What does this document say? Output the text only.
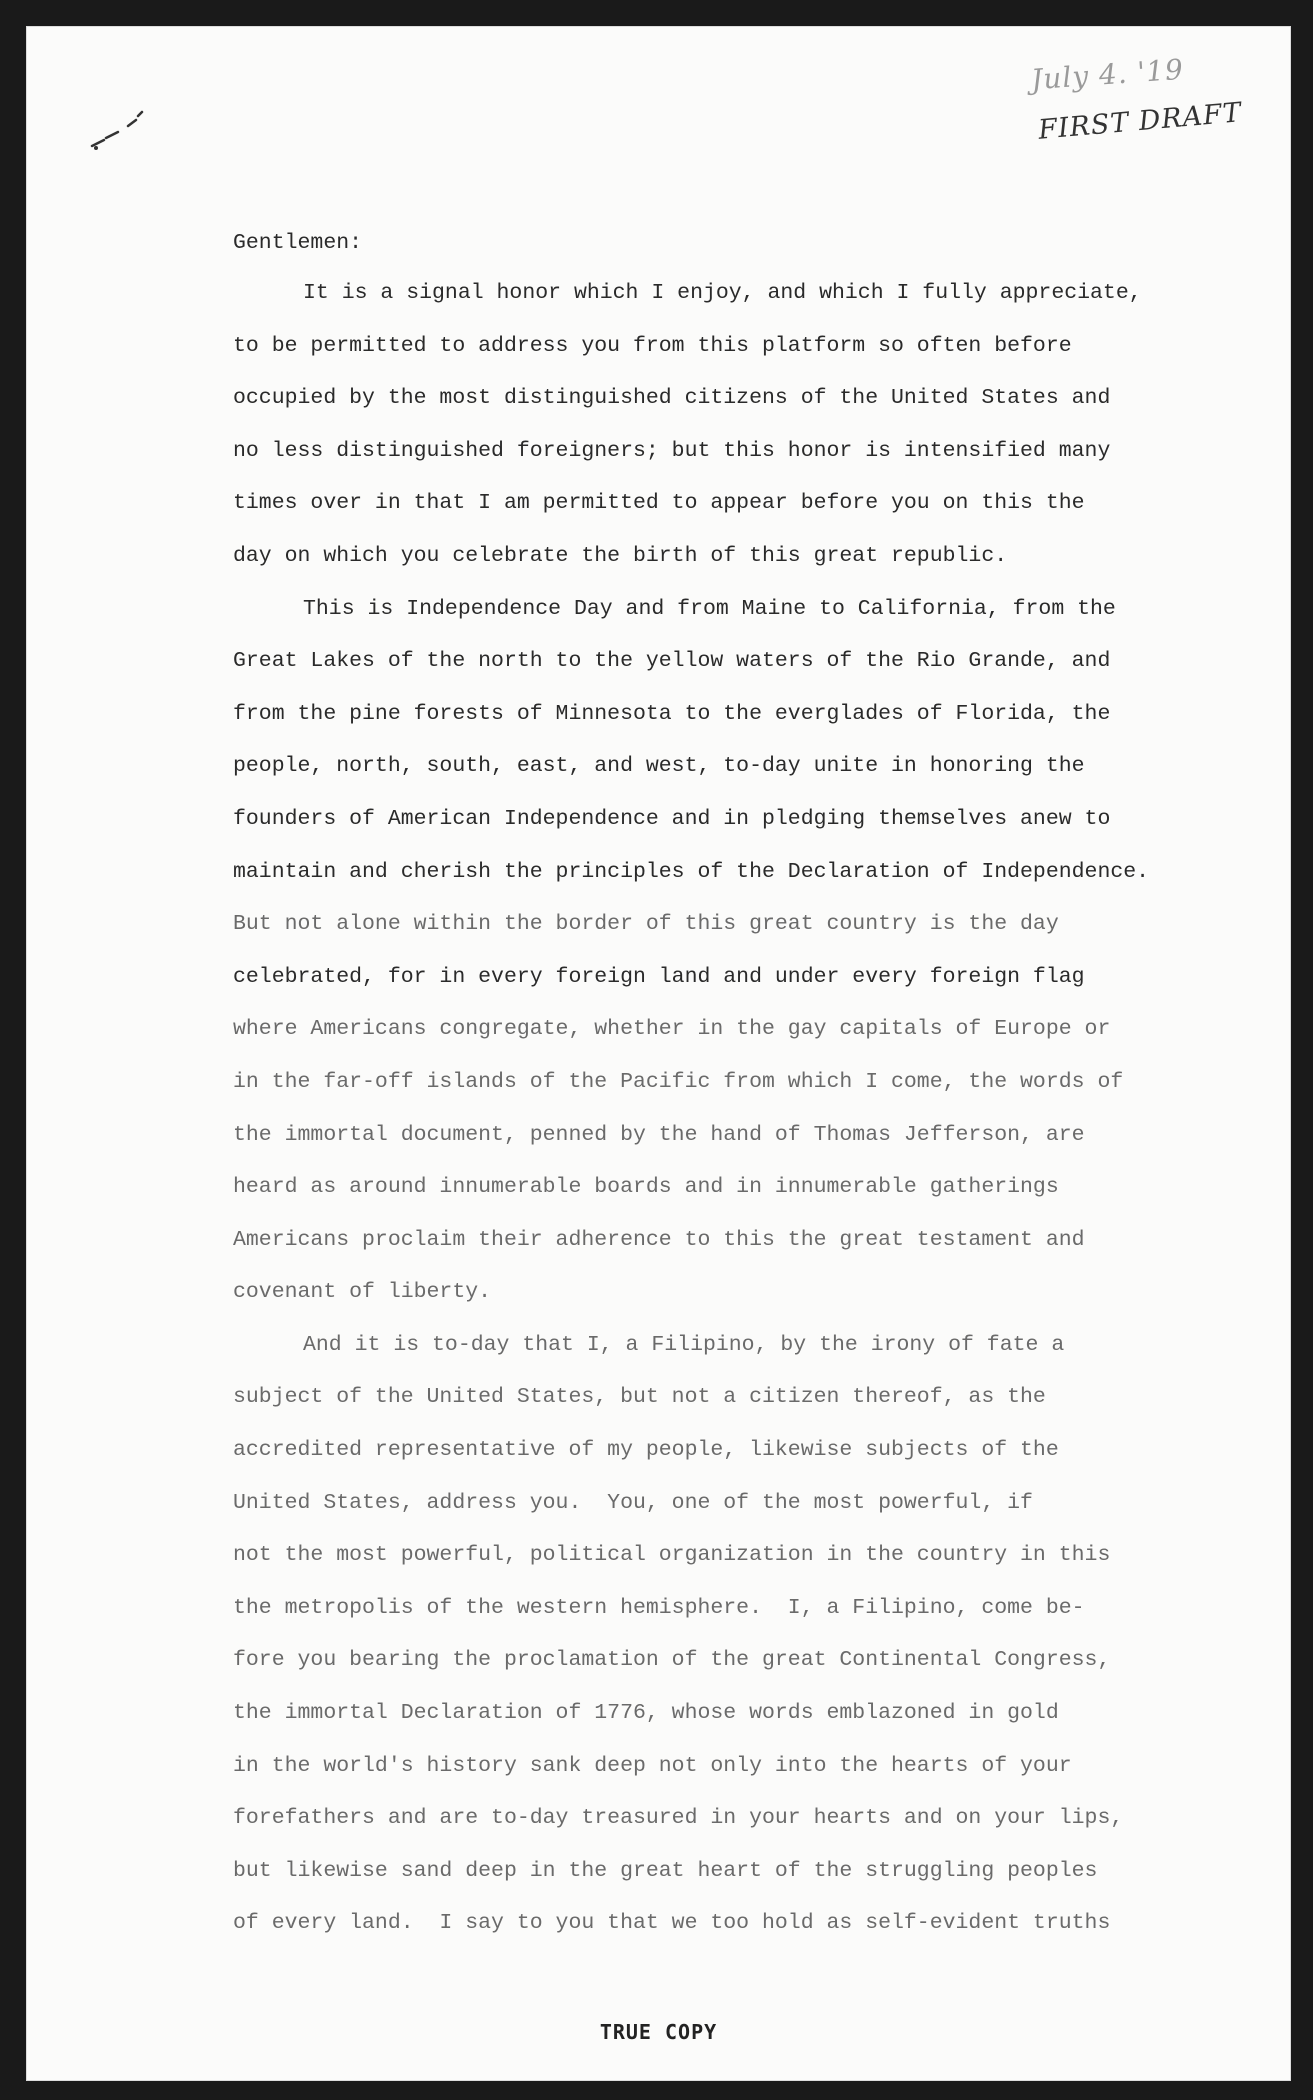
July 4. '19
FIRST DRAFT
Gentlemen:
It is a signal honor which I enjoy, and which I fully appreciate,
to be permitted to address you from this platform so often before
occupied by the most distinguished citizens of the United States and
no less distinguished foreigners; but this honor is intensified many
times over in that I am permitted to appear before you on this the
day on which you celebrate the birth of this great republic.
This is Independence Day and from Maine to California, from the
Great Lakes of the north to the yellow waters of the Rio Grande, and
from the pine forests of Minnesota to the everglades of Florida, the
people, north, south, east, and west, to-day unite in honoring the
founders of American Independence and in pledging themselves anew to
maintain and cherish the principles of the Declaration of Independence.
But not alone within the border of this great country is the day
celebrated, for in every foreign land and under every foreign flag
where Americans congregate, whether in the gay capitals of Europe or
in the far-off islands of the Pacific from which I come, the words of
the immortal document, penned by the hand of Thomas Jefferson, are
heard as around innumerable boards and in innumerable gatherings
Americans proclaim their adherence to this the great testament and
covenant of liberty.
And it is to-day that I, a Filipino, by the irony of fate a
subject of the United States, but not a citizen thereof, as the
accredited representative of my people, likewise subjects of the
United States, address you.  You, one of the most powerful, if
not the most powerful, political organization in the country in this
the metropolis of the western hemisphere.  I, a Filipino, come be-
fore you bearing the proclamation of the great Continental Congress,
the immortal Declaration of 1776, whose words emblazoned in gold
in the world's history sank deep not only into the hearts of your
forefathers and are to-day treasured in your hearts and on your lips,
but likewise sand deep in the great heart of the struggling peoples
of every land.  I say to you that we too hold as self-evident truths
TRUE COPY
